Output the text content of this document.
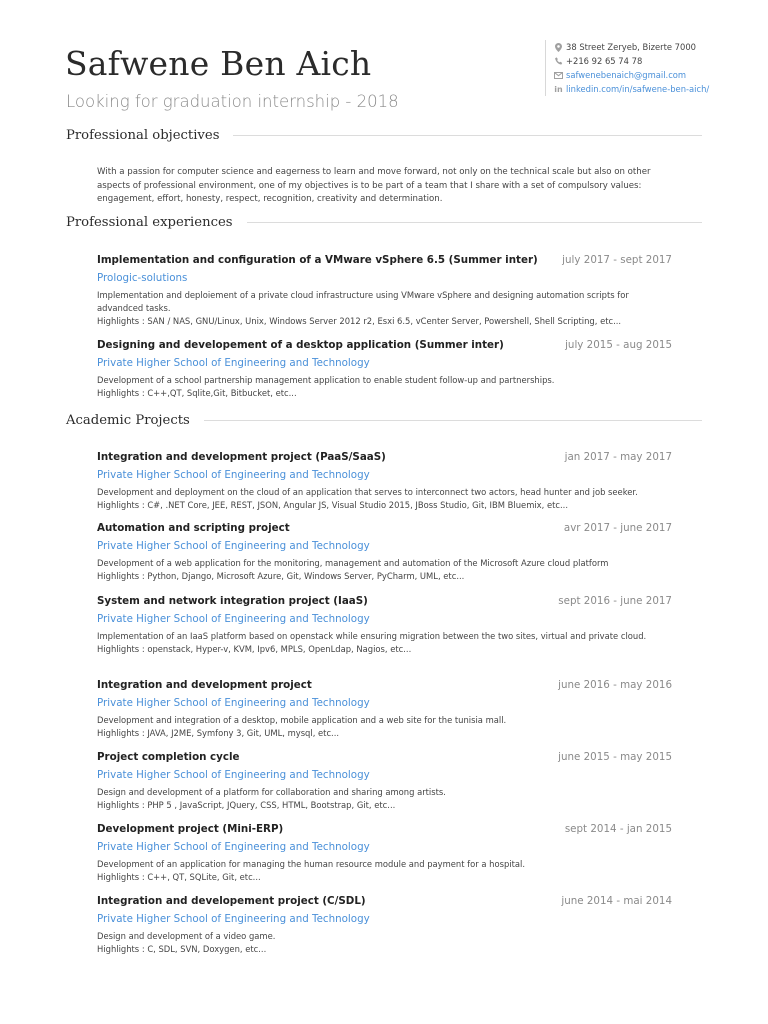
Safwene Ben Aich
Looking for graduation internship - 2018
38 Street Zeryeb, Bizerte 7000
+216 92 65 74 78
safwenebenaich@gmail.com
in linkedin.com/in/safwene-ben-aich/
Professional objectives
With a passion for computer science and eagerness to learn and move forward, not only on the technical scale but also on other aspects of professional environment, one of my objectives is to be part of a team that I share with a set of compulsory values: engagement, effort, honesty, respect, recognition, creativity and determination.
Professional experiences
Implementation and configuration of a VMware vSphere 6.5 (Summer inter) july 2017 - sept 2017
Prologic-solutions
Implementation and deploiement of a private cloud infrastructure using VMware vSphere and designing automation scripts for advandced tasks.
Highlights : SAN / NAS, GNU/Linux, Unix, Windows Server 2012 r2, Esxi 6.5, vCenter Server, Powershell, Shell Scripting, etc...
Designing and developement of a desktop application (Summer inter)	july 2015 - aug 2015
Private Higher School of Engineering and Technology
Development of a school partnership management application to enable student follow-up and partnerships.
Highlights : C++,QT, Sqlite,Git, Bitbucket, etc...
Academic Projects
Integration and development project (PaaS/SaaS)	jan 2017 - may 2017
Private Higher School of Engineering and Technology
Development and deployment on the cloud of an application that serves to interconnect two actors, head hunter and job seeker.
Highlights : C#, .NET Core, JEE, REST, JSON, Angular JS, Visual Studio 2015, JBoss Studio, Git, IBM Bluemix, etc...
Automation and scripting project	avr 2017 - june 2017
Private Higher School of Engineering and Technology
Development of a web application for the monitoring, management and automation of the Microsoft Azure cloud platform
Highlights : Python, Django, Microsoft Azure, Git, Windows Server, PyCharm, UML, etc...
System and network integration project (IaaS)	sept 2016 - june 2017
Private Higher School of Engineering and Technology
Implementation of an IaaS platform based on openstack while ensuring migration between the two sites, virtual and private cloud.
Highlights : openstack, Hyper-v, KVM, Ipv6, MPLS, OpenLdap, Nagios, etc...
Integration and development project	june 2016 - may 2016
Private Higher School of Engineering and Technology
Development and integration of a desktop, mobile application and a web site for the tunisia mall.
Highlights : JAVA, J2ME, Symfony 3, Git, UML, mysql, etc...
Project completion cycle	june 2015 - may 2015
Private Higher School of Engineering and Technology
Design and development of a platform for collaboration and sharing among artists.
Highlights : PHP 5 , JavaScript, JQuery, CSS, HTML, Bootstrap, Git, etc...
Development project (Mini-ERP)	sept 2014 - jan 2015
Private Higher School of Engineering and Technology
Development of an application for managing the human resource module and payment for a hospital.
Highlights : C++, QT, SQLite, Git, etc...
Integration and developement project (C/SDL)	june 2014 - mai 2014
Private Higher School of Engineering and Technology
Design and development of a video game.
Highlights : C, SDL, SVN, Doxygen, etc...
